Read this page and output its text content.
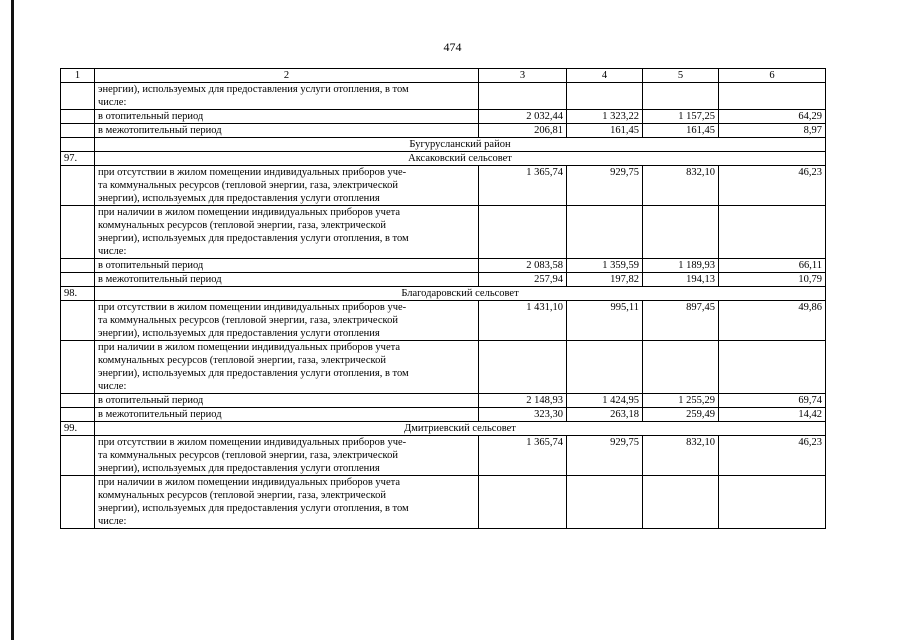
474
1	2	3	4	5	6

	энергии), используемых для предоставления услуги отопления, в том
числе:				

	в отопительный период	2 032,44	1 323,22	1 157,25	64,29

	в межотопительный период	206,81	161,45	161,45	8,97
	Бугурусланский район				
97.	Аксаковский сельсовет				

	при отсутствии в жилом помещении индивидуальных приборов уче-
та коммунальных ресурсов (тепловой энергии, газа, электрической
энергии), используемых для предоставления услуги отопления	1 365,74	929,75	832,10	46,23

	при наличии в жилом помещении индивидуальных приборов учета
коммунальных ресурсов (тепловой энергии, газа, электрической
энергии), используемых для предоставления услуги отопления, в том
числе:				

	в отопительный период	2 083,58	1 359,59	1 189,93	66,11

	в межотопительный период	257,94	197,82	194,13	10,79
98.	Благодаровский сельсовет				

	при отсутствии в жилом помещении индивидуальных приборов уче-
та коммунальных ресурсов (тепловой энергии, газа, электрической
энергии), используемых для предоставления услуги отопления	1 431,10	995,11	897,45	49,86

	при наличии в жилом помещении индивидуальных приборов учета
коммунальных ресурсов (тепловой энергии, газа, электрической
энергии), используемых для предоставления услуги отопления, в том
числе:				

	в отопительный период	2 148,93	1 424,95	1 255,29	69,74

	в межотопительный период	323,30	263,18	259,49	14,42
99.	Дмитриевский сельсовет				

	при отсутствии в жилом помещении индивидуальных приборов уче-
та коммунальных ресурсов (тепловой энергии, газа, электрической
энергии), используемых для предоставления услуги отопления	1 365,74	929,75	832,10	46,23

	при наличии в жилом помещении индивидуальных приборов учета
коммунальных ресурсов (тепловой энергии, газа, электрической
энергии), используемых для предоставления услуги отопления, в том
числе:				
